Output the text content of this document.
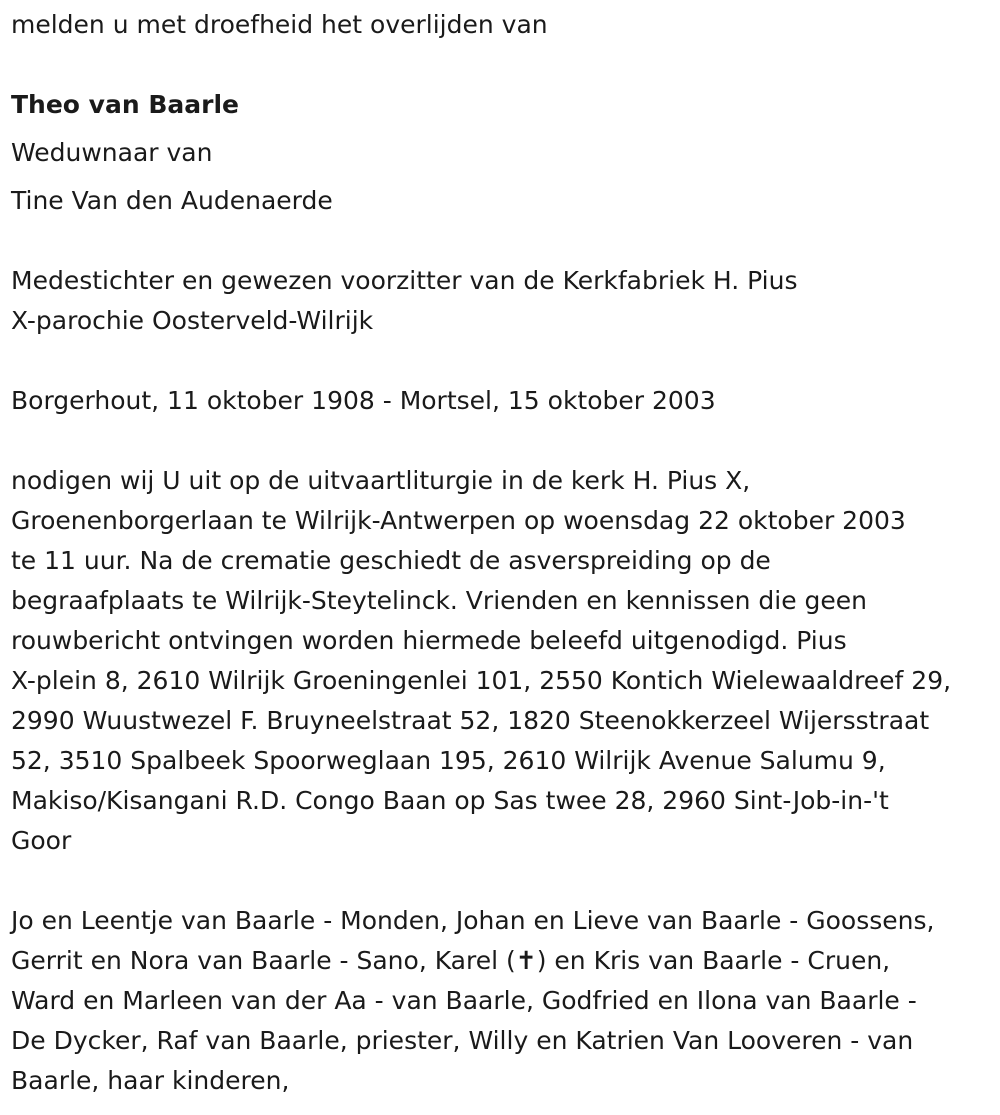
melden u met droefheid het overlijden van
Theo van Baarle
Weduwnaar van
Tine Van den Audenaerde
Medestichter en gewezen voorzitter van de Kerkfabriek H. Pius
X-parochie Oosterveld-Wilrijk
Borgerhout, 11 oktober 1908 - Mortsel, 15 oktober 2003
nodigen wij U uit op de uitvaartliturgie in de kerk H. Pius X,
Groenenborgerlaan te Wilrijk-Antwerpen op woensdag 22 oktober 2003
te 11 uur. Na de crematie geschiedt de asverspreiding op de
begraafplaats te Wilrijk-Steytelinck. Vrienden en kennissen die geen
rouwbericht ontvingen worden hiermede beleefd uitgenodigd. Pius
X-plein 8, 2610 Wilrijk Groeningenlei 101, 2550 Kontich Wielewaaldreef 29,
2990 Wuustwezel F. Bruyneelstraat 52, 1820 Steenokkerzeel Wijersstraat
52, 3510 Spalbeek Spoorweglaan 195, 2610 Wilrijk Avenue Salumu 9,
Makiso/Kisangani R.D. Congo Baan op Sas twee 28, 2960 Sint-Job-in-'t
Goor
Jo en Leentje van Baarle - Monden, Johan en Lieve van Baarle - Goossens,
Gerrit en Nora van Baarle - Sano, Karel (✝) en Kris van Baarle - Cruen,
Ward en Marleen van der Aa - van Baarle, Godfried en Ilona van Baarle -
De Dycker, Raf van Baarle, priester, Willy en Katrien Van Looveren - van
Baarle, haar kinderen,
